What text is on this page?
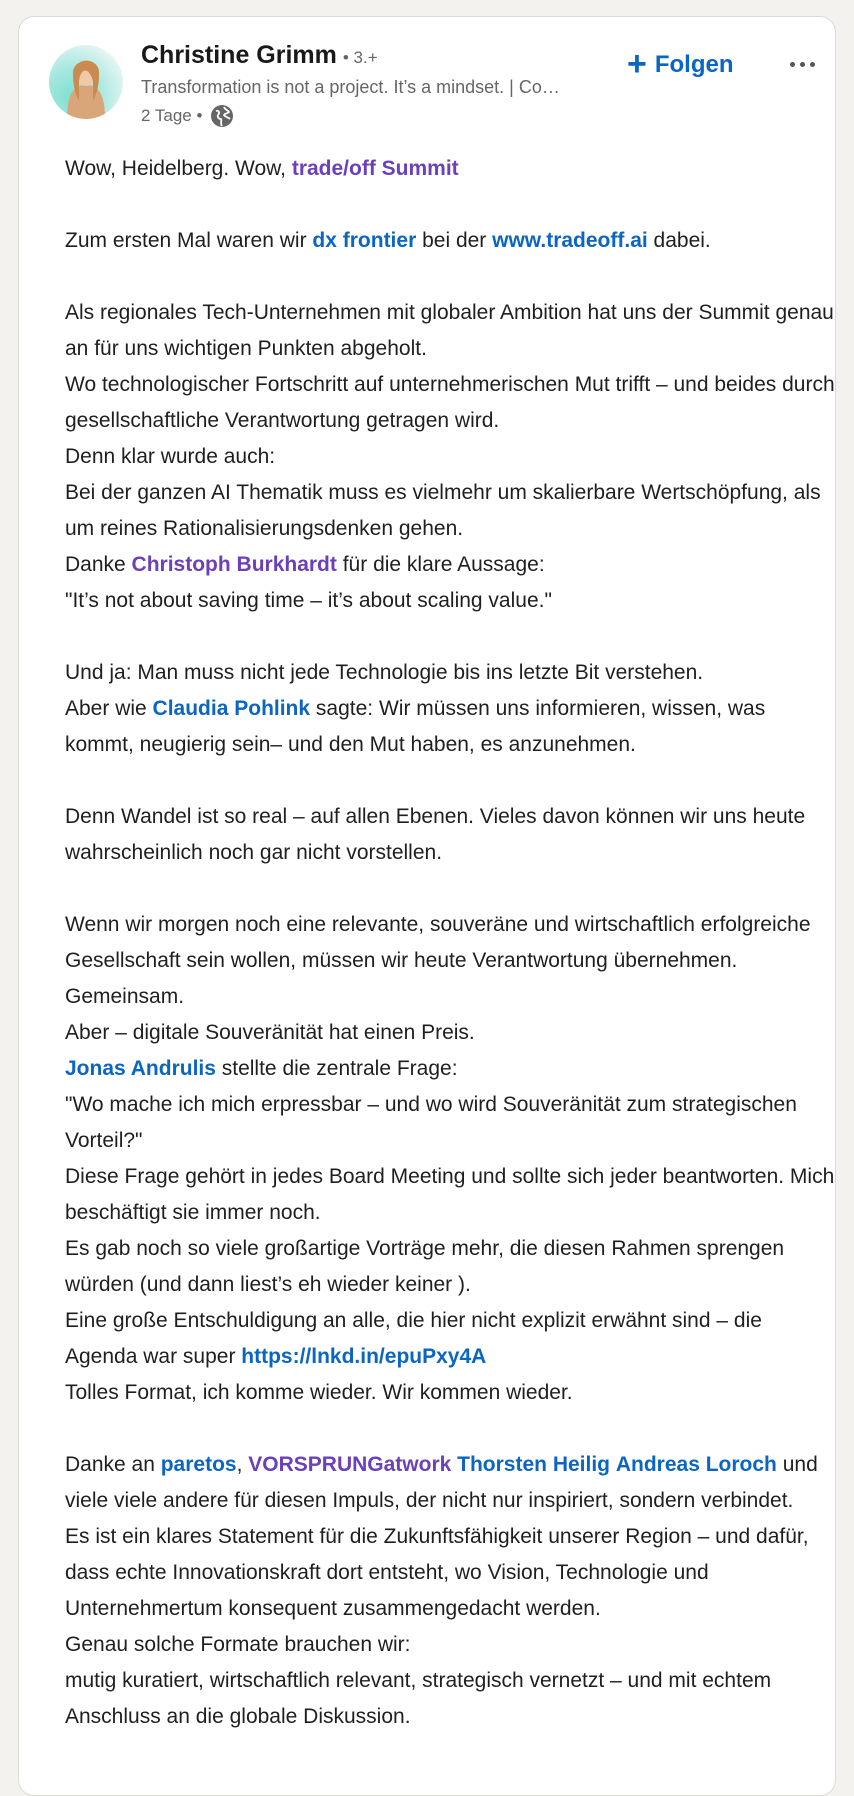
Christine Grimm • 3.+
Transformation is not a project. It’s a mindset. | Co…
2 Tage •
+ Folgen

Wow, Heidelberg. Wow, trade/off Summit

Zum ersten Mal waren wir dx frontier bei der www.tradeoff.ai dabei.

Als regionales Tech-Unternehmen mit globaler Ambition hat uns der Summit genau an für uns wichtigen Punkten abgeholt.

Wo technologischer Fortschritt auf unternehmerischen Mut trifft – und beides durch gesellschaftliche Verantwortung getragen wird.

Denn klar wurde auch:

Bei der ganzen AI Thematik muss es vielmehr um skalierbare Wertschöpfung, als um reines Rationalisierungsdenken gehen.

Danke Christoph Burkhardt für die klare Aussage:

"It’s not about saving time – it’s about scaling value."

Und ja: Man muss nicht jede Technologie bis ins letzte Bit verstehen.

Aber wie Claudia Pohlink sagte: Wir müssen uns informieren, wissen, was kommt, neugierig sein– und den Mut haben, es anzunehmen.

Denn Wandel ist so real – auf allen Ebenen. Vieles davon können wir uns heute wahrscheinlich noch gar nicht vorstellen.

Wenn wir morgen noch eine relevante, souveräne und wirtschaftlich erfolgreiche Gesellschaft sein wollen, müssen wir heute Verantwortung übernehmen. Gemeinsam.

Aber – digitale Souveränität hat einen Preis.

Jonas Andrulis stellte die zentrale Frage:

"Wo mache ich mich erpressbar – und wo wird Souveränität zum strategischen Vorteil?"

Diese Frage gehört in jedes Board Meeting und sollte sich jeder beantworten. Mich beschäftigt sie immer noch.

Es gab noch so viele großartige Vorträge mehr, die diesen Rahmen sprengen würden (und dann liest’s eh wieder keiner ).

Eine große Entschuldigung an alle, die hier nicht explizit erwähnt sind – die Agenda war super https://lnkd.in/epuPxy4A

Tolles Format, ich komme wieder. Wir kommen wieder.

Danke an paretos, VORSPRUNGatwork Thorsten Heilig Andreas Loroch und viele viele andere für diesen Impuls, der nicht nur inspiriert, sondern verbindet.

Es ist ein klares Statement für die Zukunftsfähigkeit unserer Region – und dafür, dass echte Innovationskraft dort entsteht, wo Vision, Technologie und Unternehmertum konsequent zusammengedacht werden.

Genau solche Formate brauchen wir:

mutig kuratiert, wirtschaftlich relevant, strategisch vernetzt – und mit echtem Anschluss an die globale Diskussion.
